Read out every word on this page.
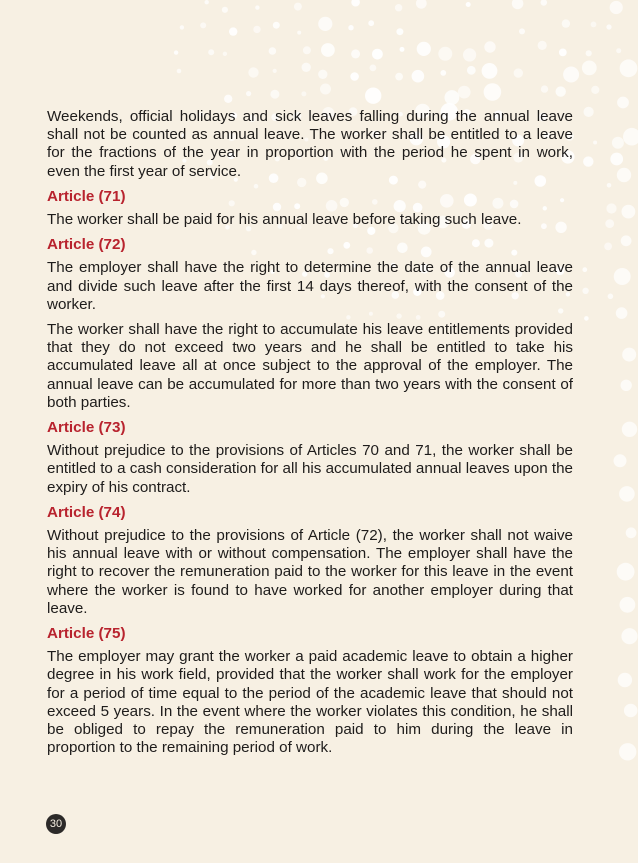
Weekends, official holidays and sick leaves falling during the annual leave shall not be counted as annual leave. The worker shall be entitled to a leave for the fractions of the year in proportion with the period he spent in work, even the first year of service.

Article (71)

The worker shall be paid for his annual leave before taking such leave.

Article (72)

The employer shall have the right to determine the date of the annual leave and divide such leave after the first 14 days thereof, with the consent of the worker.

The worker shall have the right to accumulate his leave entitlements provided that they do not exceed two years and he shall be entitled to take his accumulated leave all at once subject to the approval of the employer. The annual leave can be accumulated for more than two years with the consent of both parties.

Article (73)

Without prejudice to the provisions of Articles 70 and 71, the worker shall be entitled to a cash consideration for all his accumulated annual leaves upon the expiry of his contract.

Article (74)

Without prejudice to the provisions of Article (72), the worker shall not waive his annual leave with or without compensation. The employer shall have the right to recover the remuneration paid to the worker for this leave in the event where the worker is found to have worked for another employer during that leave.

Article (75)

The employer may grant the worker a paid academic leave to obtain a higher degree in his work field, provided that the worker shall work for the employer for a period of time equal to the period of the academic leave that should not exceed 5 years. In the event where the worker violates this condition, he shall be obliged to repay the remuneration paid to him during the leave in proportion to the remaining period of work.

30
